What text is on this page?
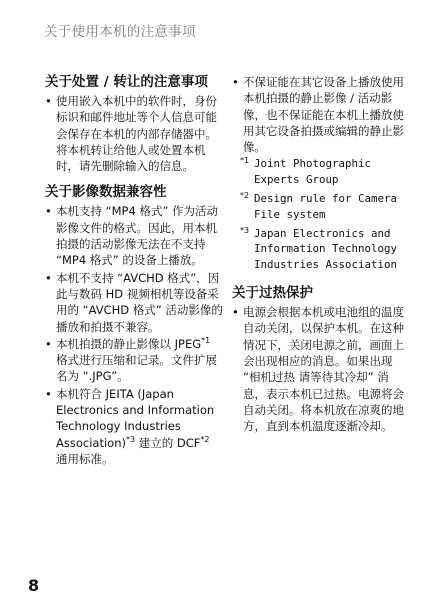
关于使用本机的注意事项
关于处置 / 转让的注意事项
• 使用嵌入本机中的软件时，身份标识和邮件地址等个人信息可能会保存在本机的内部存储器中。将本机转让给他人或处置本机时，请先删除输入的信息。
关于影像数据兼容性
• 本机支持 “MP4 格式” 作为活动影像文件的格式。因此，用本机拍摄的活动影像无法在不支持 “MP4 格式” 的设备上播放。
• 本机不支持 “AVCHD 格式”，因此与数码 HD 视频相机等设备采用的 “AVCHD 格式” 活动影像的播放和拍摄不兼容。
• 本机拍摄的静止影像以 JPEG$^{*1}$ 格式进行压缩和记录。文件扩展名为 “.JPG”。
• 本机符合 JEITA (Japan Electronics and Information Technology Industries Association)$^{*3}$ 建立的 DCF$^{*2}$ 通用标准。
• 不保证能在其它设备上播放使用本机拍摄的静止影像 / 活动影像，也不保证能在本机上播放使用其它设备拍摄或编辑的静止影像。
*1 Joint Photographic Experts Group
*2 Design rule for Camera File system
*3 Japan Electronics and Information Technology Industries Association
关于过热保护
• 电源会根据本机或电池组的温度自动关闭，以保护本机。在这种情况下，关闭电源之前，画面上会出现相应的消息。如果出现 “相机过热 请等待其冷却” 消息，表示本机已过热。电源将会自动关闭。将本机放在凉爽的地方，直到本机温度逐渐冷却。
8
